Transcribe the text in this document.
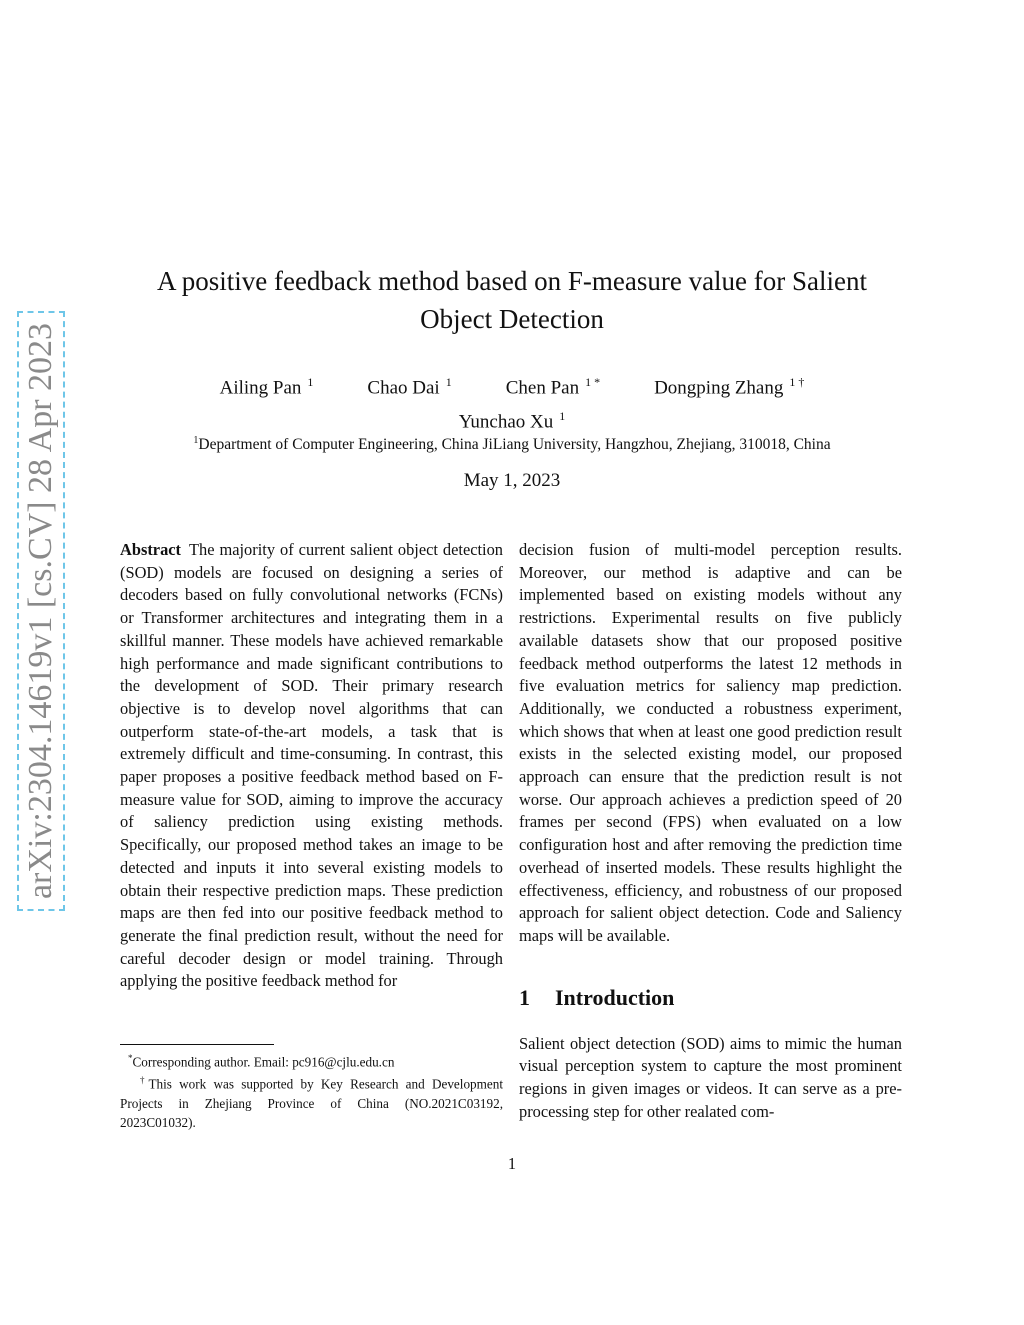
arXiv:2304.14619v1 [cs.CV] 28 Apr 2023
A positive feedback method based on F-measure value for Salient Object Detection
Ailing Pan $^1$	Chao Dai $^1$	Chen Pan $^{1 *}$	Dongping Zhang $^{1 \dagger}$
Yunchao Xu $^1$
$^1$Department of Computer Engineering, China JiLiang University, Hangzhou, Zhejiang, 310018, China
May 1, 2023

Abstract The majority of current salient object detection (SOD) models are focused on designing a series of decoders based on fully convolutional networks (FCNs) or Transformer architectures and integrating them in a skillful manner. These models have achieved remarkable high performance and made significant contributions to the development of SOD. Their primary research objective is to develop novel algorithms that can outperform state-of-the-art models, a task that is extremely difficult and time-consuming. In contrast, this paper proposes a positive feedback method based on F-measure value for SOD, aiming to improve the accuracy of saliency prediction using existing methods. Specifically, our proposed method takes an image to be detected and inputs it into several existing models to obtain their respective prediction maps. These prediction maps are then fed into our positive feedback method to generate the final prediction result, without the need for careful decoder design or model training. Through applying the positive feedback method for

*Corresponding author. Email: pc916@cjlu.edu.cn

†This work was supported by Key Research and Development Projects in Zhejiang Province of China (NO.2021C03192, 2023C01032).

decision fusion of multi-model perception results. Moreover, our method is adaptive and can be implemented based on existing models without any restrictions. Experimental results on five publicly available datasets show that our proposed positive feedback method outperforms the latest 12 methods in five evaluation metrics for saliency map prediction. Additionally, we conducted a robustness experiment, which shows that when at least one good prediction result exists in the selected existing model, our proposed approach can ensure that the prediction result is not worse. Our approach achieves a prediction speed of 20 frames per second (FPS) when evaluated on a low configuration host and after removing the prediction time overhead of inserted models. These results highlight the effectiveness, efficiency, and robustness of our proposed approach for salient object detection. Code and Saliency maps will be available.

1 Introduction

Salient object detection (SOD) aims to mimic the human visual perception system to capture the most prominent regions in given images or videos. It can serve as a pre-processing step for other realated com-

1
